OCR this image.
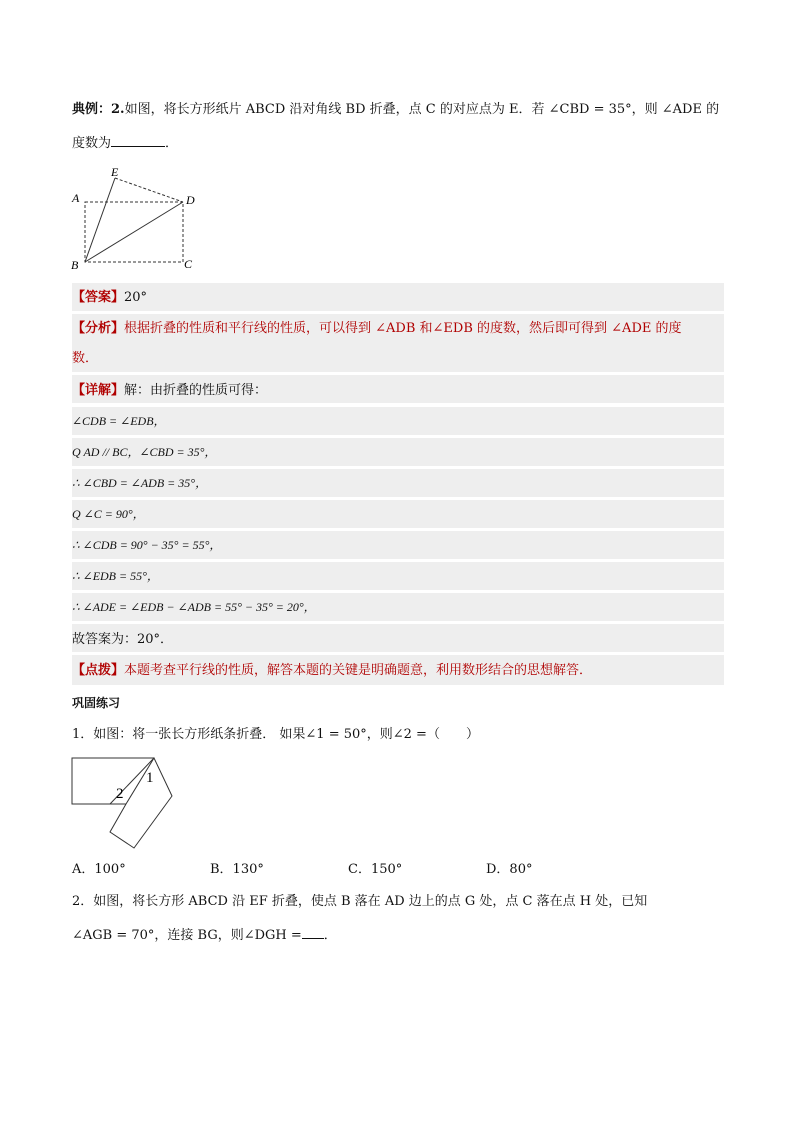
典例：2.如图，将长方形纸片 ABCD 沿对角线 BD 折叠，点 C 的对应点为 E．若 ∠CBD = 35°，则 ∠ADE 的
度数为	．
A
E
D
B	C
【答案】20°
【分析】根据折叠的性质和平行线的性质，可以得到 ∠ADB 和∠EDB 的度数，然后即可得到 ∠ADE 的度
数．
【详解】解：由折叠的性质可得：
∠CDB = ∠EDB，
Q AD // BC，∠CBD = 35°，
∴ ∠CBD = ∠ADB = 35°，
Q ∠C = 90°，
∴ ∠CDB = 90° − 35° = 55°，
∴ ∠EDB = 55°，
∴ ∠ADE = ∠EDB − ∠ADB = 55° − 35° = 20°，
故答案为：20°．
【点拨】本题考查平行线的性质，解答本题的关键是明确题意，利用数形结合的思想解答．
巩固练习
1．如图：将一张长方形纸条折叠． 如果∠1 = 50°，则∠2 =（　　）
1
2
A．100°	B．130°	C．150°	D．80°
2．如图，将长方形 ABCD 沿 EF 折叠，使点 B 落在 AD 边上的点 G 处，点 C 落在点 H 处，已知
∠AGB = 70°，连接 BG，则∠DGH = ．
